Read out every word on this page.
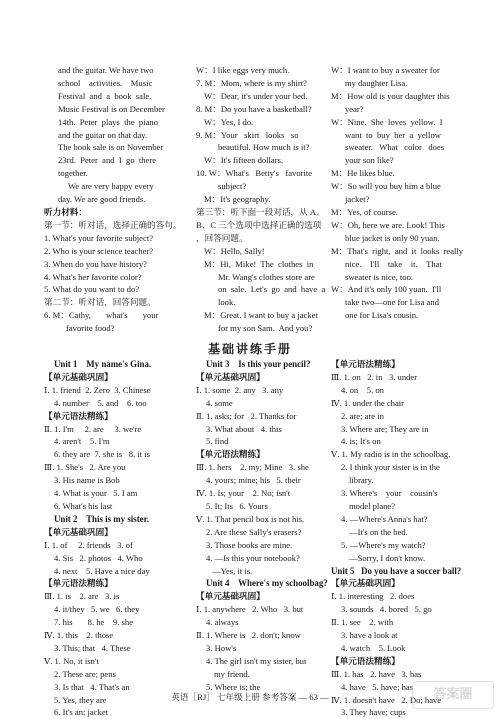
and the guitar. We have two
school    activities.    Music
Festival  and  a  book  sale.
Music Festival is on December
14th.  Peter  plays  the  piano
and the guitar on that day.
The book sale is on November
23rd.  Peter  and  I  go  there
together.
We are very happy every
day. We are good friends.
听力材料：
第一节：听对话，选择正确的答句。
1. What's your favorite subject?
2. Who is your science teacher?
3. When do you have history?
4. What's her favorite color?
5. What do you want to do?
第二节：听对话，回答问题。
6. M：Cathy,       what's       your
favorite food?
W：I like eggs very much.
7. M：Mom, where is my shirt?
W：Dear, it's under your bed.
8. M：Do you have a basketball?
W：Yes, I do.
9. M：Your   skirt   looks   so
beautiful. How much is it?
W：It's fifteen dollars.
10. W：What's   Betty's   favorite
subject?
M：It's geography.
第三节：听下面一段对话，从 A、
B、C 三个选项中选择正确的选项
，回答问题。
W：Hello, Sally!
M：Hi,  Mike!  The  clothes  in
Mr. Wang's clothes store are
on  sale.  Let's  go  and  have  a
look.
M：Great. I want to buy a jacket
for my son Sam.  And you?
W：I want to buy a sweater for
my daughter Lisa.
M：How old is your daughter this
year?
W：Nine.  She  loves  yellow.  I
want  to  buy  her  a  yellow
sweater.   What   color   does
your son like?
M：He likes blue.
W：So will you buy him a blue
jacket?
M：Yes, of course.
W：Oh, here we are. Look! This
blue jacket is only 90 yuan.
M：That's  right,  and  it  looks  really
nice.    I'll    take    it.    That
sweater is nice, too.
W：And it's only 100 yuan.  I'll
take two—one for Lisa and
one for Lisa's cousin.
基础讲练手册
Unit 1    My name's Gina.
【单元基础巩固】
Ⅰ. 1. friend  2. Zero  3. Chinese
4. number    5. and    6. too
【单元语法精练】
Ⅱ. 1. I'm     2. are     3. we're
4. aren't    5. I'm
6. they are  7. she is   8. it is
Ⅲ. 1. She's   2. Are you
3. His name is Bob
4. What is your   5. I am
6. What's his last
Unit 2    This is my sister.
【单元基础巩固】
Ⅰ. 1. of     2. friends   3. of
4. Sis   2. photos   4. Who
4. next    5. Have a nice day
【单元语法精练】
Ⅲ. 1. is    2. are   3. is
4. it/they   5. we   6. they
7. his       8. he    9. she
Ⅳ. 1. this    2. those
3. This; that   4. These
Ⅴ. 1. No, it isn't
2. These are; pens
3. Is that   4. That's an
5. Yes, they are
6. It's an; jacket
Unit 3    Is this your pencil?
【单元基础巩固】
Ⅰ. 1. some  2. any   3. any
4. some
Ⅱ. 1. asks; for   2. Thanks for
3. What about   4. this
5. find
【单元语法精练】
Ⅲ. 1. hers    2. my; Mine   3. she
4. yours; mine; his   5. their
Ⅳ. 1. Is; your    2. No; isn't
5. It; Its   6. Yours
Ⅴ. 1. That pencil box is not his.
2. Are these Sally's erasers?
3. Those books are mine.
4. —Is this your notebook?
—Yes, it is.
Unit 4    Where's my schoolbag?
【单元基础巩固】
Ⅰ. 1. anywhere   2. Who   3. but
4. always
Ⅱ. 1. Where is   2. don't; know
3. How's
4. The girl isn't my sister, but
my friend.
5. Where is; the
【单元语法精练】
Ⅲ. 1. on   2. in   3. under
4. on    5. on
Ⅳ. 1. under the chair
2. are; are in
3. Where are; They are in
4. is; It's on
Ⅴ. 1. My radio is in the schoolbag.
2. I think your sister is in the
library.
3. Where's    your    cousin's
model plane?
4. —Where's Anna's hat?
—It's on the bed.
5. —Where's my watch?
—Sorry, I don't know.
Unit 5   Do you have a soccer ball?
【单元基础巩固】
Ⅰ. 1. interesting   2. does
3. sounds   4. bored   5. go
Ⅱ. 1. see    2. with
3. have a look at
4. watch    5. Look
【单元语法精练】
Ⅲ. 1. has   2. have   3. has
4. have   5. have; has
Ⅳ. 1. doesn't have   2. Do; have
3. They have; cups
英语［RJ］ 七年级上册 参考答案 — 63 —	答案圈
